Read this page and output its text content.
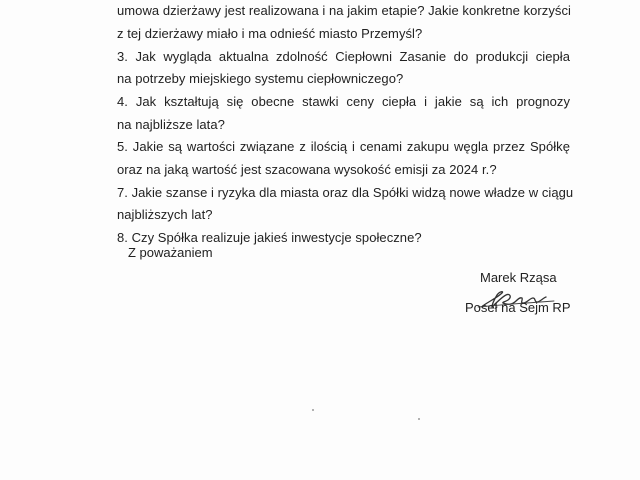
umowa dzierżawy jest realizowana i na jakim etapie? Jakie konkretne korzyści
z tej dzierżawy miało i ma odnieść miasto Przemyśl?
3. Jak wygląda aktualna zdolność Ciepłowni Zasanie do produkcji ciepła
na potrzeby miejskiego systemu ciepłowniczego?
4. Jak kształtują się obecne stawki ceny ciepła i jakie są ich prognozy
na najbliższe lata?
5. Jakie są wartości związane z ilością i cenami zakupu węgla przez Spółkę
oraz na jaką wartość jest szacowana wysokość emisji za 2024 r.?
7. Jakie szanse i ryzyka dla miasta oraz dla Spółki widzą nowe władze w ciągu
najbliższych lat?
8. Czy Spółka realizuje jakieś inwestycje społeczne?
Z poważaniem
Marek Rząsa
Poseł na Sejm RP
